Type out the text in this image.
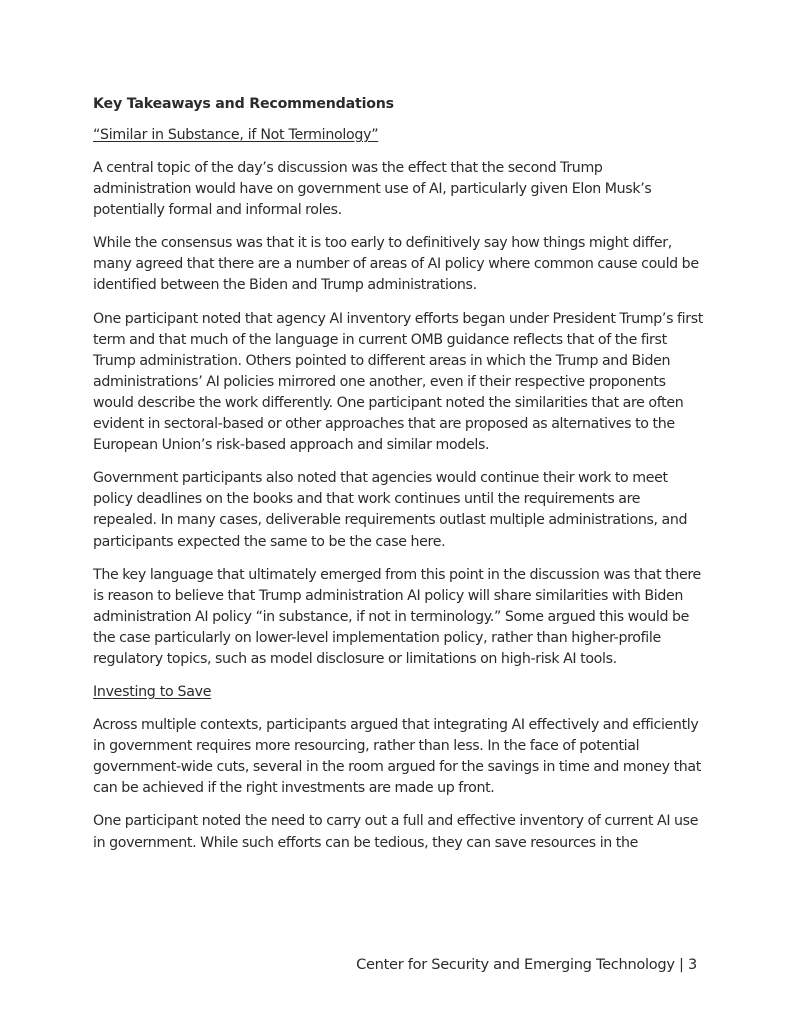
Key Takeaways and Recommendations
“Similar in Substance, if Not Terminology”

A central topic of the day’s discussion was the effect that the second Trump administration would have on government use of AI, particularly given Elon Musk’s potentially formal and informal roles.

While the consensus was that it is too early to definitively say how things might differ, many agreed that there are a number of areas of AI policy where common cause could be identified between the Biden and Trump administrations.

One participant noted that agency AI inventory efforts began under President Trump’s first term and that much of the language in current OMB guidance reflects that of the first Trump administration. Others pointed to different areas in which the Trump and Biden administrations’ AI policies mirrored one another, even if their respective proponents would describe the work differently. One participant noted the similarities that are often evident in sectoral-based or other approaches that are proposed as alternatives to the European Union’s risk-based approach and similar models.

Government participants also noted that agencies would continue their work to meet policy deadlines on the books and that work continues until the requirements are repealed. In many cases, deliverable requirements outlast multiple administrations, and participants expected the same to be the case here.

The key language that ultimately emerged from this point in the discussion was that there is reason to believe that Trump administration AI policy will share similarities with Biden administration AI policy “in substance, if not in terminology.” Some argued this would be the case particularly on lower-level implementation policy, rather than higher-profile regulatory topics, such as model disclosure or limitations on high-risk AI tools.

Investing to Save

Across multiple contexts, participants argued that integrating AI effectively and efficiently in government requires more resourcing, rather than less. In the face of potential government-wide cuts, several in the room argued for the savings in time and money that can be achieved if the right investments are made up front.

One participant noted the need to carry out a full and effective inventory of current AI use in government. While such efforts can be tedious, they can save resources in the

Center for Security and Emerging Technology | 3
